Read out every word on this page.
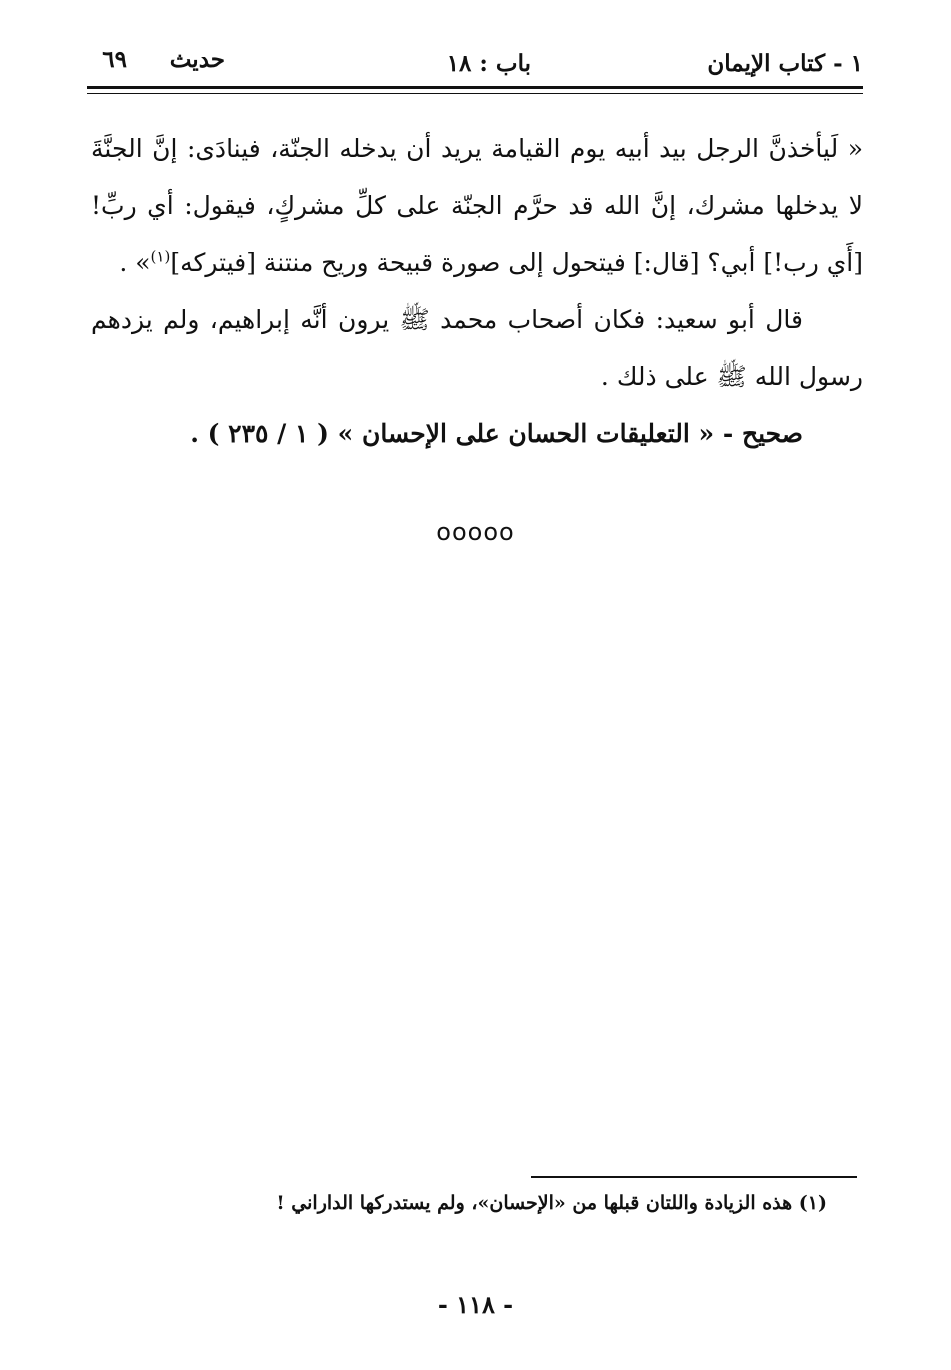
١ - كتاب الإيمان
باب : ١٨
حديث
٦٩

« لَيأخذنَّ الرجل بيد أبيه يوم القيامة يريد أن يدخله الجنّة، فينادَى: إنَّ الجنَّةَ لا يدخلها مشرك، إنَّ الله قد حرَّم الجنّة على كلِّ مشركٍ، فيقول: أي ربِّ! [أَي رب!] أبي؟ [قال:] فيتحول إلى صورة قبيحة وريح منتنة [فيتركه]$^{(١)}$» .

قال أبو سعيد: فكان أصحاب محمد ﷺ يرون أنَّه إبراهيم، ولم يزدهم رسول الله ﷺ على ذلك .

صحيح - « التعليقات الحسان على الإحسان » ( ١ / ٢٣٥ ) .

ooooo
(١) هذه الزيادة واللتان قبلها من «الإحسان»، ولم يستدركها الداراني !
- ١١٨ -
